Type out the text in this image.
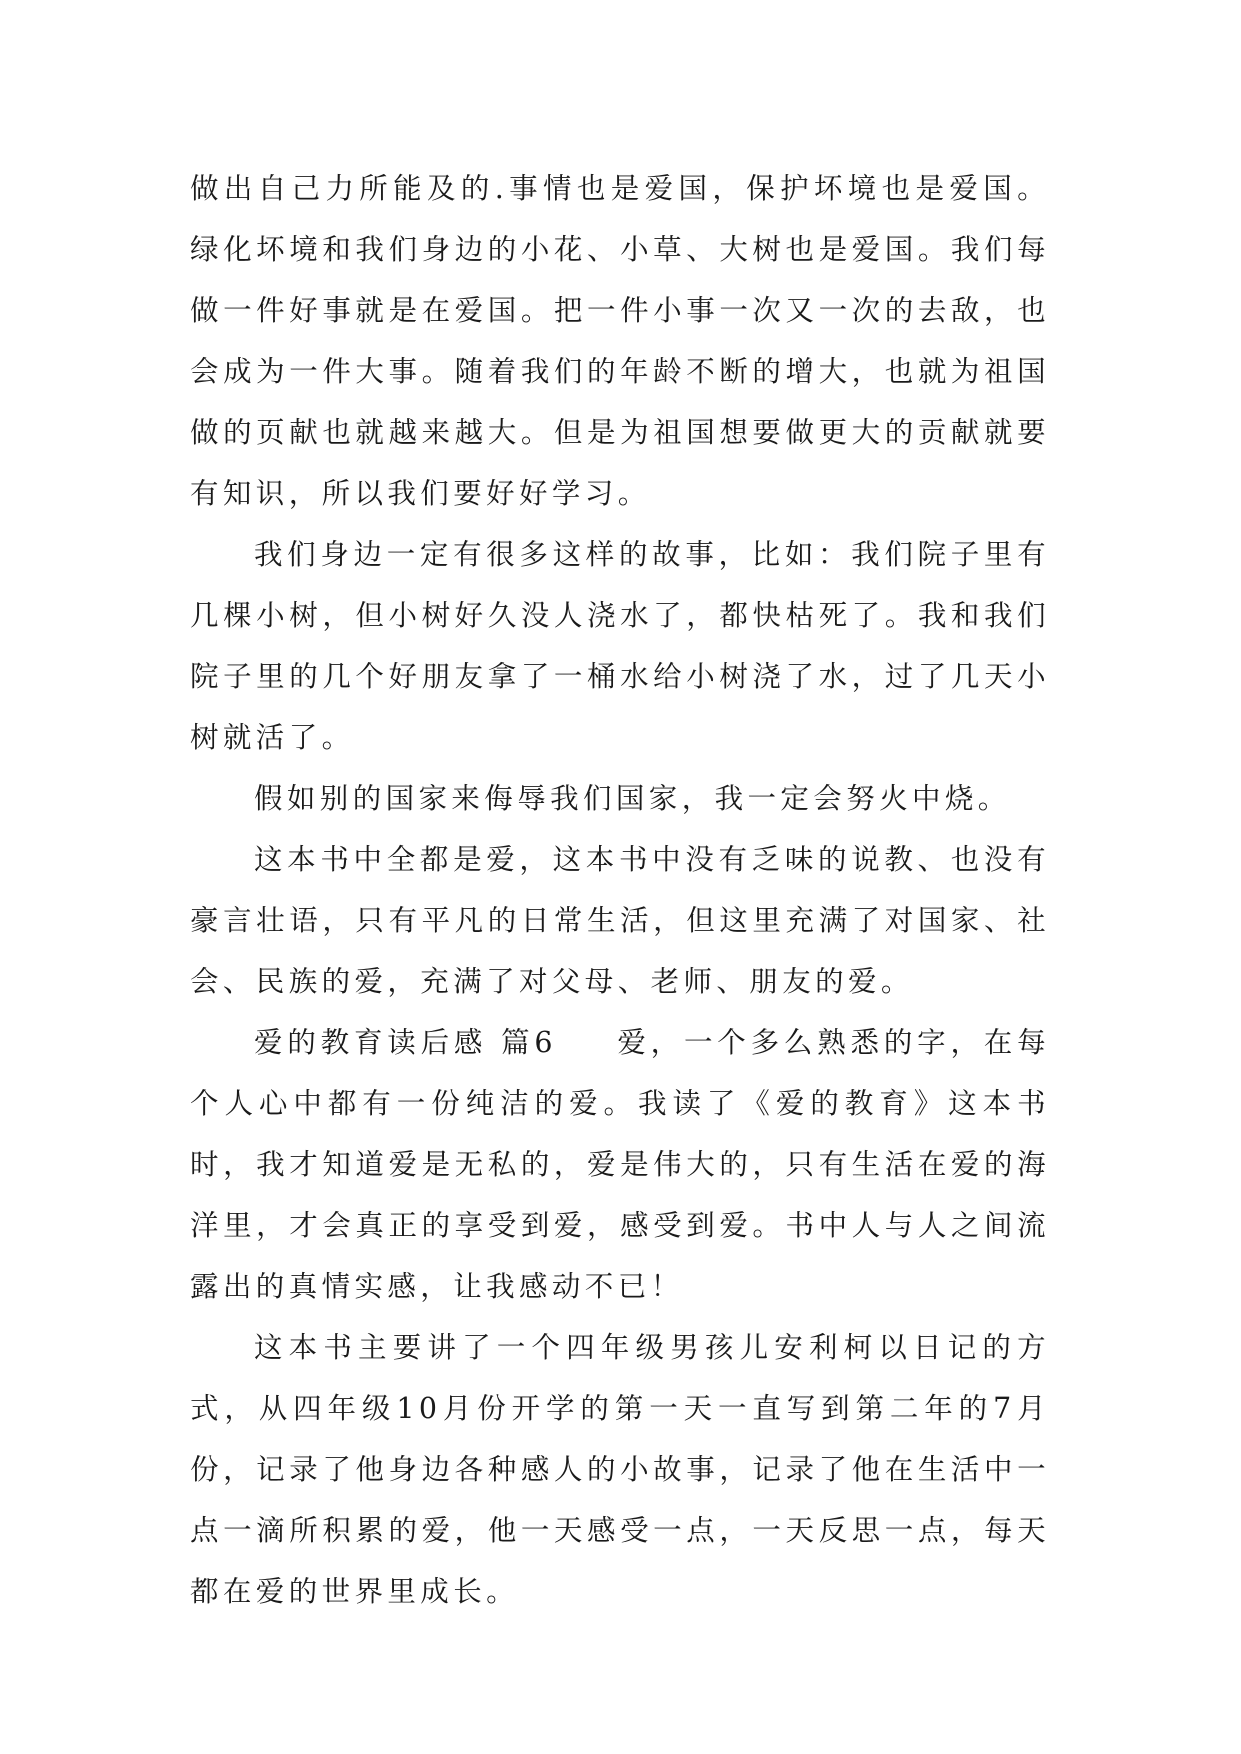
做出自己力所能及的.事情也是爱国，保护坏境也是爱国。绿化坏境和我们身边的小花、小草、大树也是爱国。我们每做一件好事就是在爱国。把一件小事一次又一次的去敌，也会成为一件大事。随着我们的年龄不断的增大，也就为祖国做的页献也就越来越大。但是为祖国想要做更大的贡献就要有知识，所以我们要好好学习。

我们身边一定有很多这样的故事，比如：我们院子里有几棵小树，但小树好久没人浇水了，都快枯死了。我和我们院子里的几个好朋友拿了一桶水给小树浇了水，过了几天小树就活了。

假如别的国家来侮辱我们国家，我一定会努火中烧。

这本书中全都是爱，这本书中没有乏味的说教、也没有豪言壮语，只有平凡的日常生活，但这里充满了对国家、社会、民族的爱，充满了对父母、老师、朋友的爱。

爱的教育读后感 篇6 爱，一个多么熟悉的字，在每个人心中都有一份纯洁的爱。我读了《爱的教育》这本书时，我才知道爱是无私的，爱是伟大的，只有生活在爱的海洋里，才会真正的享受到爱，感受到爱。书中人与人之间流露出的真情实感，让我感动不已！

这本书主要讲了一个四年级男孩儿安利柯以日记的方式，从四年级10月份开学的第一天一直写到第二年的7月份，记录了他身边各种感人的小故事，记录了他在生活中一点一滴所积累的爱，他一天感受一点，一天反思一点，每天都在爱的世界里成长。
